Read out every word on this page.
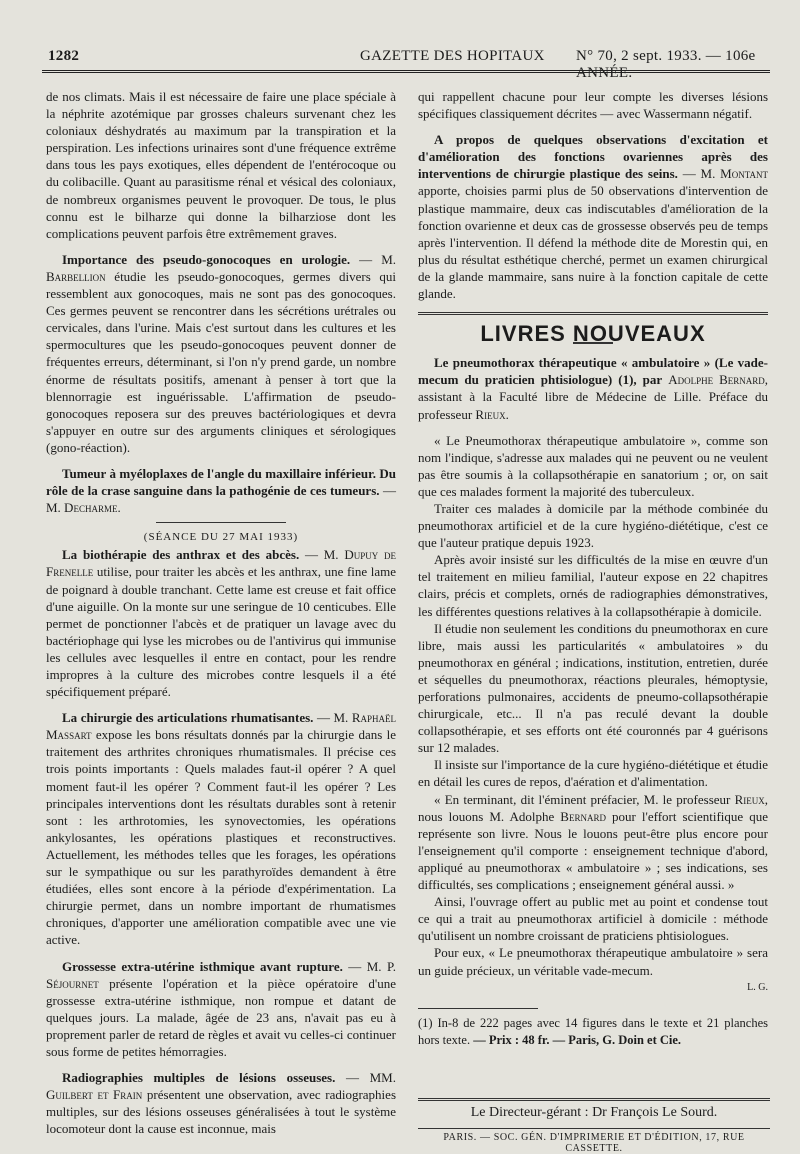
1282	GAZETTE DES HOPITAUX N° 70, 2 sept. 1933. — 106e ANNÉE.

de nos climats. Mais il est nécessaire de faire une place spéciale à la néphrite azotémique par grosses chaleurs survenant chez les coloniaux déshydratés au maximum par la transpiration et la perspiration. Les infections urinaires sont d'une fréquence extrême dans tous les pays exotiques, elles dépendent de l'entérocoque ou du colibacille. Quant au parasitisme rénal et vésical des coloniaux, de nombreux organismes peuvent le provoquer. De tous, le plus connu est le bilharze qui donne la bilharziose dont les complications peuvent parfois être extrêmement graves.

Importance des pseudo-gonocoques en urologie. — M. Barbellion étudie les pseudo-gonocoques, germes divers qui ressemblent aux gonocoques, mais ne sont pas des gonocoques. Ces germes peuvent se rencontrer dans les sécrétions urétrales ou cervicales, dans l'urine. Mais c'est surtout dans les cultures et les spermocultures que les pseudo-gonocoques peuvent donner de fréquentes erreurs, déterminant, si l'on n'y prend garde, un nombre énorme de résultats positifs, amenant à penser à tort que la blennorragie est inguérissable. L'affirmation de pseudo-gonocoques reposera sur des preuves bactériologiques et devra s'appuyer en outre sur des arguments cliniques et sérologiques (gono-réaction).

Tumeur à myéloplaxes de l'angle du maxillaire inférieur. Du rôle de la crase sanguine dans la pathogénie de ces tumeurs. — M. Decharme.

(SÉANCE DU 27 MAI 1933)

La biothérapie des anthrax et des abcès. — M. Dupuy de Frenelle utilise, pour traiter les abcès et les anthrax, une fine lame de poignard à double tranchant. Cette lame est creuse et fait office d'une aiguille. On la monte sur une seringue de 10 centicubes. Elle permet de ponctionner l'abcès et de pratiquer un lavage avec du bactériophage qui lyse les microbes ou de l'antivirus qui immunise les cellules avec lesquelles il entre en contact, pour les rendre impropres à la culture des microbes contre lesquels il a été spécifiquement préparé.

La chirurgie des articulations rhumatisantes. — M. Raphaël Massart expose les bons résultats donnés par la chirurgie dans le traitement des arthrites chroniques rhumatismales. Il précise ces trois points importants : Quels malades faut-il opérer ? A quel moment faut-il les opérer ? Comment faut-il les opérer ? Les principales interventions dont les résultats durables sont à retenir sont : les arthrotomies, les synovectomies, les opérations ankylosantes, les opérations plastiques et reconstructives. Actuellement, les méthodes telles que les forages, les opérations sur le sympathique ou sur les parathyroïdes demandent à être étudiées, elles sont encore à la période d'expérimentation. La chirurgie permet, dans un nombre important de rhumatismes chroniques, d'apporter une amélioration compatible avec une vie active.

Grossesse extra-utérine isthmique avant rupture. — M. P. Séjournet présente l'opération et la pièce opératoire d'une grossesse extra-utérine isthmique, non rompue et datant de quelques jours. La malade, âgée de 23 ans, n'avait pas eu à proprement parler de retard de règles et avait vu celles-ci continuer sous forme de petites hémorragies.

Radiographies multiples de lésions osseuses. — MM. Guilbert et Frain présentent une observation, avec radiographies multiples, sur des lésions osseuses généralisées à tout le système locomoteur dont la cause est inconnue, mais

qui rappellent chacune pour leur compte les diverses lésions spécifiques classiquement décrites — avec Wassermann négatif.

A propos de quelques observations d'excitation et d'amélioration des fonctions ovariennes après des interventions de chirurgie plastique des seins. — M. Montant apporte, choisies parmi plus de 50 observations d'intervention de plastique mammaire, deux cas indiscutables d'amélioration de la fonction ovarienne et deux cas de grossesse observés peu de temps après l'intervention. Il défend la méthode dite de Morestin qui, en plus du résultat esthétique cherché, permet un examen chirurgical de la glande mammaire, sans nuire à la fonction capitale de cette glande.

LIVRES NOUVEAUX

Le pneumothorax thérapeutique « ambulatoire » (Le vade-mecum du praticien phtisiologue) (1), par Adolphe Bernard, assistant à la Faculté libre de Médecine de Lille. Préface du professeur Rieux.

« Le Pneumothorax thérapeutique ambulatoire », comme son nom l'indique, s'adresse aux malades qui ne peuvent ou ne veulent pas être soumis à la collapsothérapie en sanatorium ; or, on sait que ces malades forment la majorité des tuberculeux.

Traiter ces malades à domicile par la méthode combinée du pneumothorax artificiel et de la cure hygiéno-diététique, c'est ce que l'auteur pratique depuis 1923.

Après avoir insisté sur les difficultés de la mise en œuvre d'un tel traitement en milieu familial, l'auteur expose en 22 chapitres clairs, précis et complets, ornés de radiographies démonstratives, les différentes questions relatives à la collapsothérapie à domicile.

Il étudie non seulement les conditions du pneumothorax en cure libre, mais aussi les particularités « ambulatoires » du pneumothorax en général ; indications, institution, entretien, durée et séquelles du pneumothorax, réactions pleurales, hémoptysie, perforations pulmonaires, accidents de pneumo-collapsothérapie chirurgicale, etc... Il n'a pas reculé devant la double collapsothérapie, et ses efforts ont été couronnés par 4 guérisons sur 12 malades.

Il insiste sur l'importance de la cure hygiéno-diététique et étudie en détail les cures de repos, d'aération et d'alimentation.

« En terminant, dit l'éminent préfacier, M. le professeur Rieux, nous louons M. Adolphe Bernard pour l'effort scientifique que représente son livre. Nous le louons peut-être plus encore pour l'enseignement qu'il comporte : enseignement technique d'abord, appliqué au pneumothorax « ambulatoire » ; ses indications, ses difficultés, ses complications ; enseignement général aussi. »

Ainsi, l'ouvrage offert au public met au point et condense tout ce qui a trait au pneumothorax artificiel à domicile : méthode qu'utilisent un nombre croissant de praticiens phtisiologues.

Pour eux, « Le pneumothorax thérapeutique ambulatoire » sera un guide précieux, un véritable vade-mecum.

L. G.

(1) In-8 de 222 pages avec 14 figures dans le texte et 21 planches hors texte. — Prix : 48 fr. — Paris, G. Doin et Cie.

Le Directeur-gérant : Dr François Le Sourd.
PARIS. — SOC. GÉN. D'IMPRIMERIE ET D'ÉDITION, 17, RUE CASSETTE.
